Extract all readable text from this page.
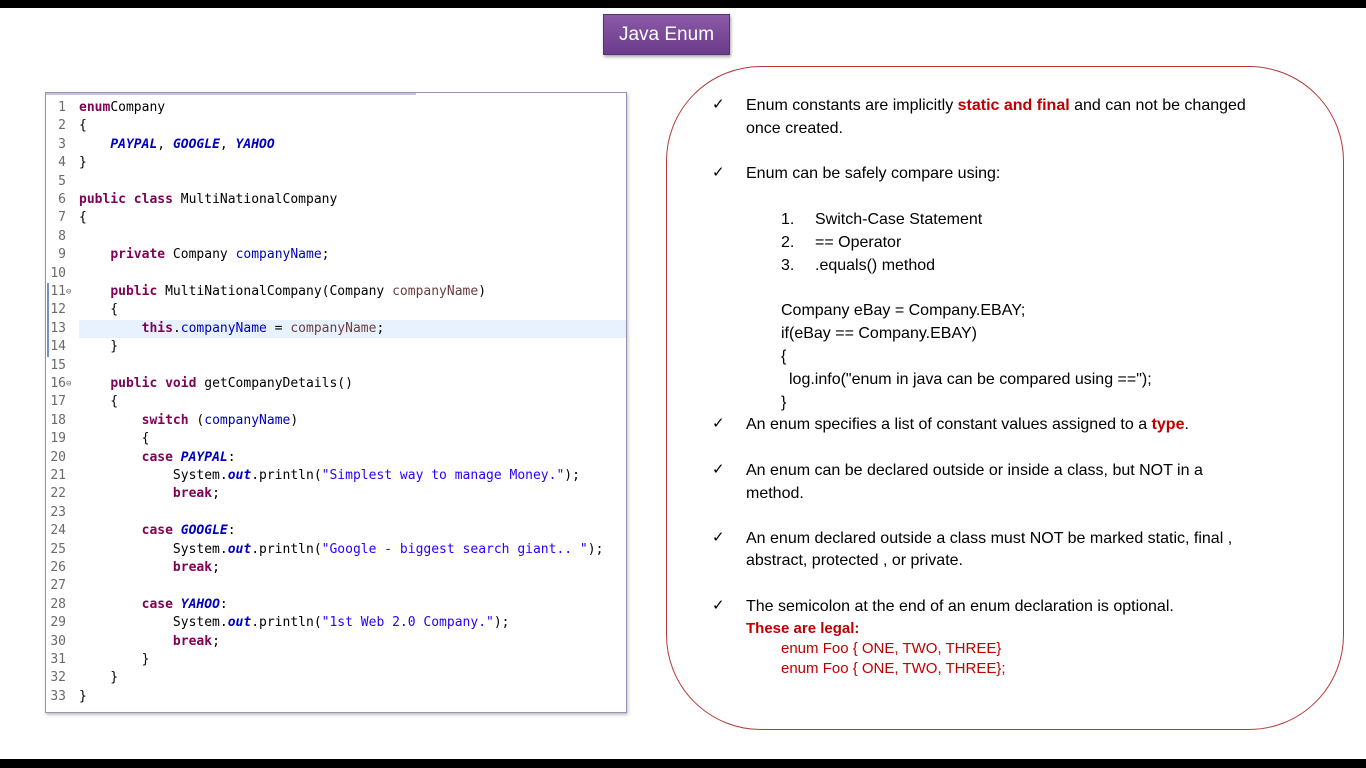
Java Enum
1 enumCompany
2 {
3	PAYPAL, GOOGLE, YAHOO
4 }
5
6 public class MultiNationalCompany
7 {
8
9	private Company companyName;
10
11 ⊖	public MultiNationalCompany(Company companyName)
12 {
13	this.companyName = companyName;
14 }
15
16 ⊖	public void getCompanyDetails()
17 {
18	switch (companyName)
19 {
20	case PAYPAL:
21 System.out.println("Simplest way to manage Money.");
22	break;
23
24	case GOOGLE:
25 System.out.println("Google - biggest search giant.. ");
26	break;
27
28	case YAHOO:
29 System.out.println("1st Web 2.0 Company.");
30	break;
31 }
32 }
33 }
✓ Enum constants are implicitly static and final and can not be changed
once created.
✓ Enum can be safely compare using:
1. Switch-Case Statement
2. == Operator
3. .equals() method
Company eBay = Company.EBAY;
if(eBay == Company.EBAY)
{
log.info("enum in java can be compared using ==");
}
✓ An enum specifies a list of constant values assigned to a type.
✓ An enum can be declared outside or inside a class, but NOT in a
method.
✓ An enum declared outside a class must NOT be marked static, final ,
abstract, protected , or private.
✓ The semicolon at the end of an enum declaration is optional.
These are legal:
enum Foo { ONE, TWO, THREE}
enum Foo { ONE, TWO, THREE};
